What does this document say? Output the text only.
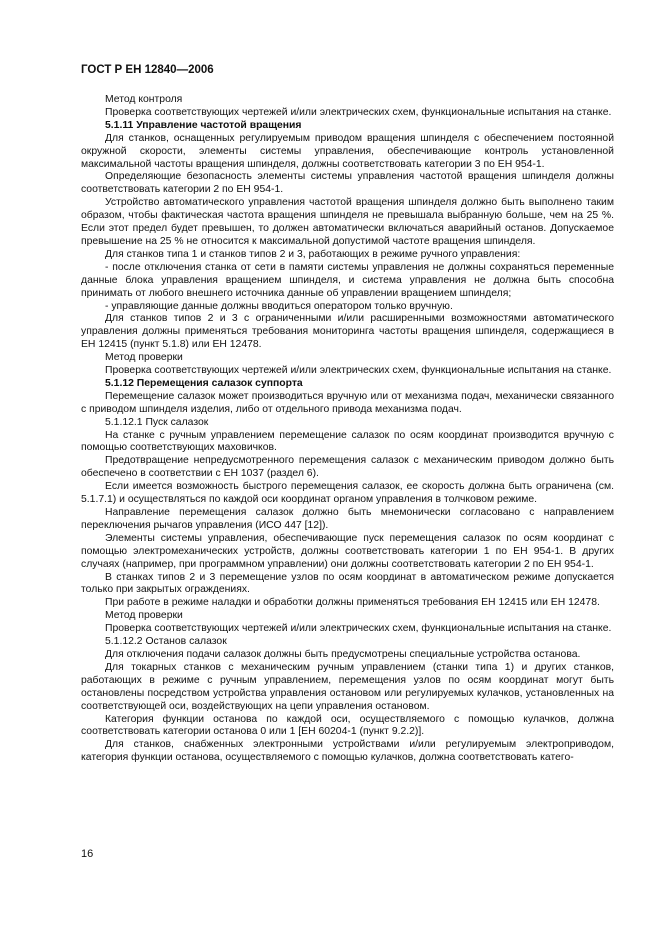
ГОСТ Р ЕН 12840—2006

Метод контроля

Проверка соответствующих чертежей и/или электрических схем, функциональные испытания на станке.

5.1.11 Управление частотой вращения

Для станков, оснащенных регулируемым приводом вращения шпинделя с обеспечением постоянной окружной скорости, элементы системы управления, обеспечивающие контроль установленной максимальной частоты вращения шпинделя, должны соответствовать категории 3 по ЕН 954-1.

Определяющие безопасность элементы системы управления частотой вращения шпинделя должны соответствовать категории 2 по ЕН 954-1.

Устройство автоматического управления частотой вращения шпинделя должно быть выполнено таким образом, чтобы фактическая частота вращения шпинделя не превышала выбранную больше, чем на 25 %. Если этот предел будет превышен, то должен автоматически включаться аварийный останов. Допускаемое превышение на 25 % не относится к максимальной допустимой частоте вращения шпинделя.

Для станков типа 1 и станков типов 2 и 3, работающих в режиме ручного управления:

- после отключения станка от сети в памяти системы управления не должны сохраняться переменные данные блока управления вращением шпинделя, и система управления не должна быть способна принимать от любого внешнего источника данные об управлении вращением шпинделя;

- управляющие данные должны вводиться оператором только вручную.

Для станков типов 2 и 3 с ограниченными и/или расширенными возможностями автоматического управления должны применяться требования мониторинга частоты вращения шпинделя, содержащиеся в ЕН 12415 (пункт 5.1.8) или ЕН 12478.

Метод проверки

Проверка соответствующих чертежей и/или электрических схем, функциональные испытания на станке.

5.1.12 Перемещения салазок суппорта

Перемещение салазок может производиться вручную или от механизма подач, механически связанного с приводом шпинделя изделия, либо от отдельного привода механизма подач.

5.1.12.1 Пуск салазок

На станке с ручным управлением перемещение салазок по осям координат производится вручную с помощью соответствующих маховичков.

Предотвращение непредусмотренного перемещения салазок с механическим приводом должно быть обеспечено в соответствии с ЕН 1037 (раздел 6).

Если имеется возможность быстрого перемещения салазок, ее скорость должна быть ограничена (см. 5.1.7.1) и осуществляться по каждой оси координат органом управления в толчковом режиме.

Направление перемещения салазок должно быть мнемонически согласовано с направлением переключения рычагов управления (ИСО 447 [12]).

Элементы системы управления, обеспечивающие пуск перемещения салазок по осям координат с помощью электромеханических устройств, должны соответствовать категории 1 по ЕН 954-1. В других случаях (например, при программном управлении) они должны соответствовать категории 2 по ЕН 954-1.

В станках типов 2 и 3 перемещение узлов по осям координат в автоматическом режиме допускается только при закрытых ограждениях.

При работе в режиме наладки и обработки должны применяться требования ЕН 12415 или ЕН 12478.

Метод проверки

Проверка соответствующих чертежей и/или электрических схем, функциональные испытания на станке.

5.1.12.2 Останов салазок

Для отключения подачи салазок должны быть предусмотрены специальные устройства останова.

Для токарных станков с механическим ручным управлением (станки типа 1) и других станков, работающих в режиме с ручным управлением, перемещения узлов по осям координат могут быть остановлены посредством устройства управления остановом или регулируемых кулачков, установленных на соответствующей оси, воздействующих на цепи управления остановом.

Категория функции останова по каждой оси, осуществляемого с помощью кулачков, должна соответствовать категории останова 0 или 1 [ЕН 60204-1 (пункт 9.2.2)].

Для станков, снабженных электронными устройствами и/или регулируемым электроприводом, категория функции останова, осуществляемого с помощью кулачков, должна соответствовать катего-

16
